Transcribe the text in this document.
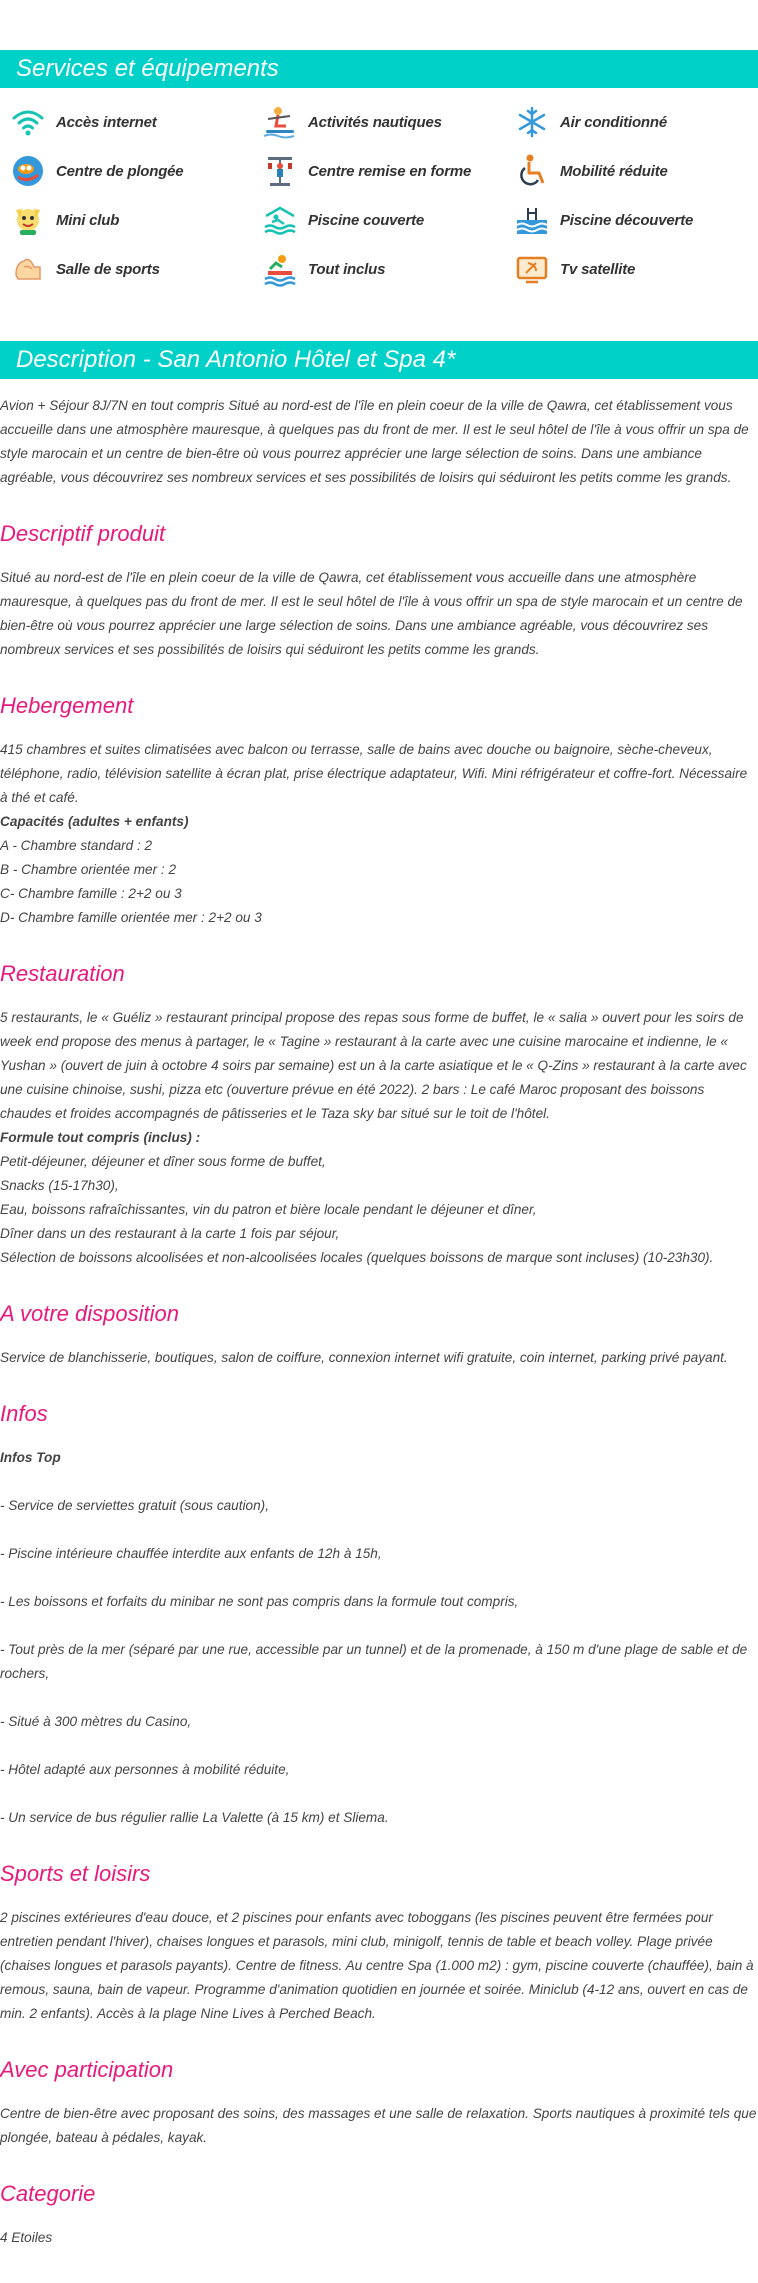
Services et équipements
Accès internet	Activités nautiques	Air conditionné
Centre de plongée	Centre remise en forme	Mobilité réduite
Mini club	Piscine couverte	Piscine découverte
Salle de sports	Tout inclus	Tv satellite
Description - San Antonio Hôtel et Spa 4*

Avion + Séjour 8J/7N en tout compris Situé au nord-est de l'île en plein coeur de la ville de Qawra, cet établissement vous accueille dans une atmosphère mauresque, à quelques pas du front de mer. Il est le seul hôtel de l'île à vous offrir un spa de style marocain et un centre de bien-être où vous pourrez apprécier une large sélection de soins. Dans une ambiance agréable, vous découvrirez ses nombreux services et ses possibilités de loisirs qui séduiront les petits comme les grands.

Descriptif produit

Situé au nord-est de l'île en plein coeur de la ville de Qawra, cet établissement vous accueille dans une atmosphère mauresque, à quelques pas du front de mer. Il est le seul hôtel de l'île à vous offrir un spa de style marocain et un centre de bien-être où vous pourrez apprécier une large sélection de soins. Dans une ambiance agréable, vous découvrirez ses nombreux services et ses possibilités de loisirs qui séduiront les petits comme les grands.

Hebergement

415 chambres et suites climatisées avec balcon ou terrasse, salle de bains avec douche ou baignoire, sèche-cheveux, téléphone, radio, télévision satellite à écran plat, prise électrique adaptateur, Wifi. Mini réfrigérateur et coffre-fort. Nécessaire à thé et café.

Capacités (adultes + enfants)
A - Chambre standard : 2
B - Chambre orientée mer : 2
C- Chambre famille : 2+2 ou 3
D- Chambre famille orientée mer : 2+2 ou 3
Restauration

5 restaurants, le « Guéliz » restaurant principal propose des repas sous forme de buffet, le « salia » ouvert pour les soirs de week end propose des menus à partager, le « Tagine » restaurant à la carte avec une cuisine marocaine et indienne, le « Yushan » (ouvert de juin à octobre 4 soirs par semaine) est un à la carte asiatique et le « Q-Zins » restaurant à la carte avec une cuisine chinoise, sushi, pizza etc (ouverture prévue en été 2022). 2 bars : Le café Maroc proposant des boissons chaudes et froides accompagnés de pâtisseries et le Taza sky bar situé sur le toit de l'hôtel.

Formule tout compris (inclus) :
Petit-déjeuner, déjeuner et dîner sous forme de buffet,
Snacks (15-17h30),
Eau, boissons rafraîchissantes, vin du patron et bière locale pendant le déjeuner et dîner,
Dîner dans un des restaurant à la carte 1 fois par séjour,
Sélection de boissons alcoolisées et non-alcoolisées locales (quelques boissons de marque sont incluses) (10-23h30).
A votre disposition

Service de blanchisserie, boutiques, salon de coiffure, connexion internet wifi gratuite, coin internet, parking privé payant.

Infos
Infos Top
- Service de serviettes gratuit (sous caution),
- Piscine intérieure chauffée interdite aux enfants de 12h à 15h,
- Les boissons et forfaits du minibar ne sont pas compris dans la formule tout compris,
- Tout près de la mer (séparé par une rue, accessible par un tunnel) et de la promenade, à 150 m d'une plage de sable et de rochers,
- Situé à 300 mètres du Casino,
- Hôtel adapté aux personnes à mobilité réduite,
- Un service de bus régulier rallie La Valette (à 15 km) et Sliema.
Sports et loisirs

2 piscines extérieures d'eau douce, et 2 piscines pour enfants avec toboggans (les piscines peuvent être fermées pour entretien pendant l'hiver), chaises longues et parasols, mini club, minigolf, tennis de table et beach volley. Plage privée (chaises longues et parasols payants). Centre de fitness. Au centre Spa (1.000 m2) : gym, piscine couverte (chauffée), bain à remous, sauna, bain de vapeur. Programme d'animation quotidien en journée et soirée. Miniclub (4-12 ans, ouvert en cas de min. 2 enfants). Accès à la plage Nine Lives à Perched Beach.

Avec participation

Centre de bien-être avec proposant des soins, des massages et une salle de relaxation. Sports nautiques à proximité tels que plongée, bateau à pédales, kayak.

Categorie

4 Etoiles
